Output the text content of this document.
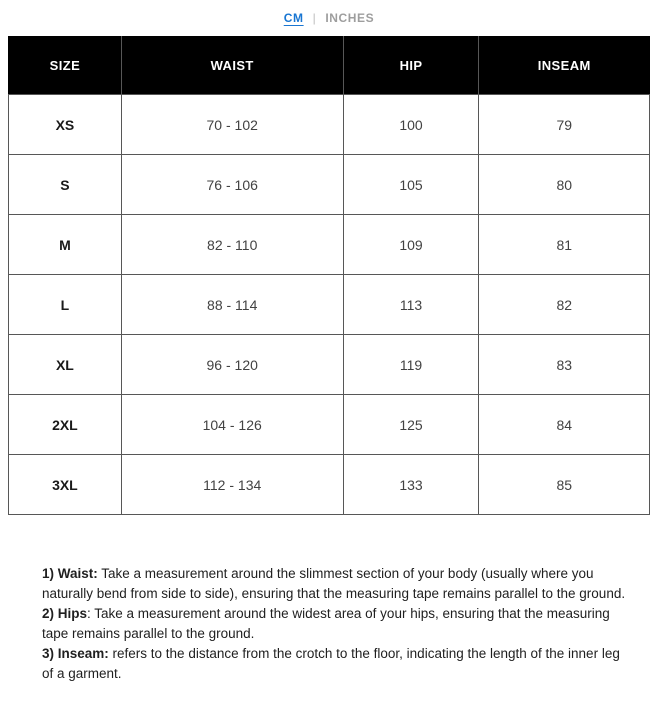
CM | INCHES
SIZE	WAIST	HIP	INSEAM
XS	70 - 102	100	79
S	76 - 106	105	80
M	82 - 110	109	81
L	88 - 114	113	82
XL	96 - 120	119	83
2XL	104 - 126	125	84
3XL	112 - 134	133	85

1) Waist: Take a measurement around the slimmest section of your body (usually where you naturally bend from side to side), ensuring that the measuring tape remains parallel to the ground.

2) Hips: Take a measurement around the widest area of your hips, ensuring that the measuring tape remains parallel to the ground.

3) Inseam: refers to the distance from the crotch to the floor, indicating the length of the inner leg of a garment.
